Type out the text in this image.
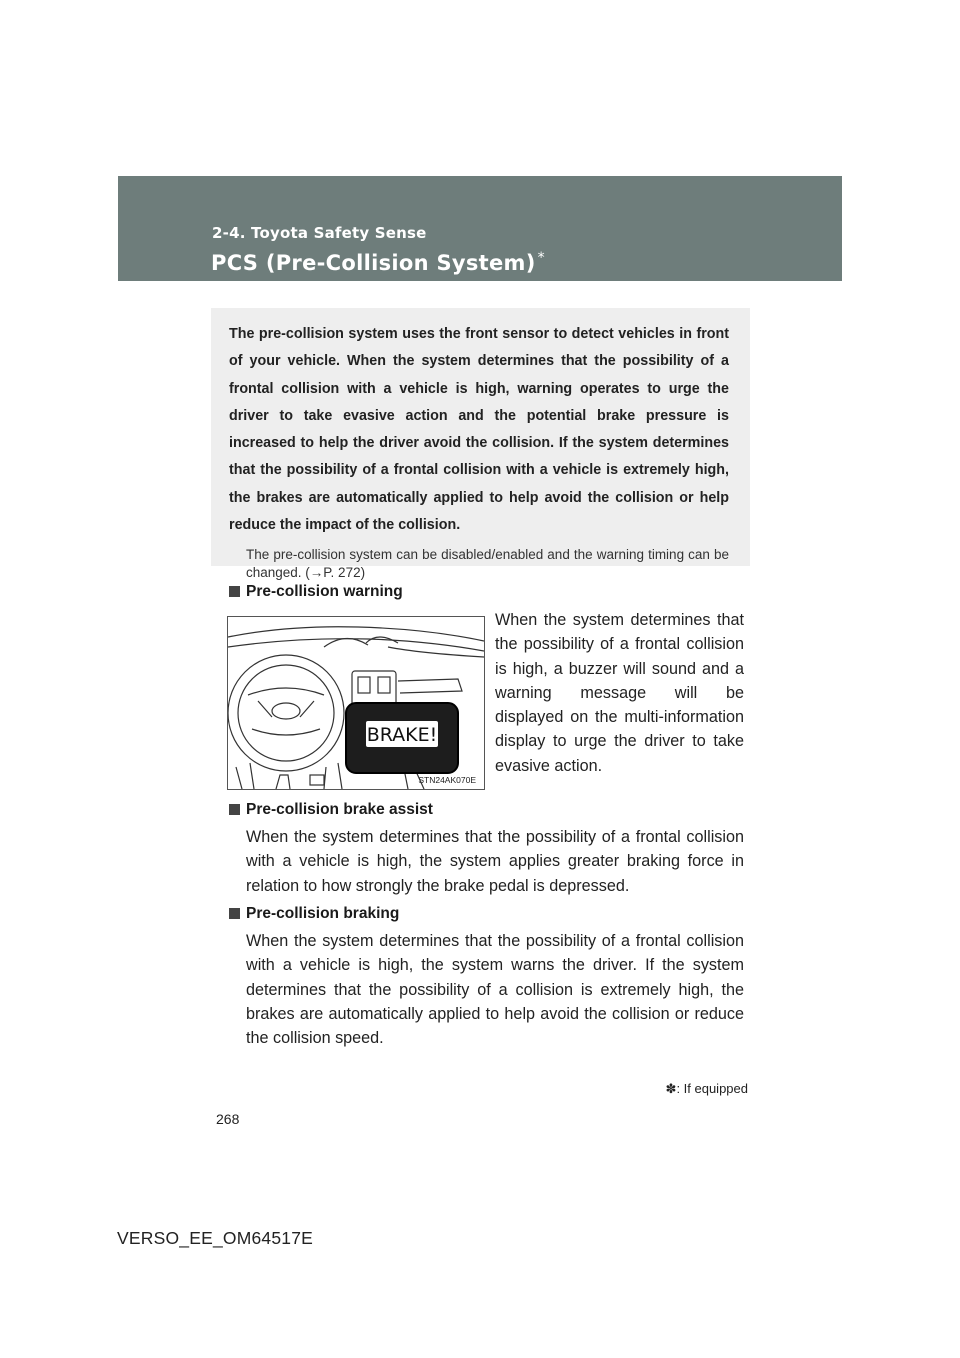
2-4. Toyota Safety Sense
PCS (Pre-Collision System) *

The pre-collision system uses the front sensor to detect vehicles in front of your vehicle. When the system determines that the possibility of a frontal collision with a vehicle is high, warning operates to urge the driver to take evasive action and the potential brake pressure is increased to help the driver avoid the collision. If the system determines that the possibility of a frontal collision with a vehicle is extremely high, the brakes are automatically applied to help avoid the collision or help reduce the impact of the collision.

The pre-collision system can be disabled/enabled and the warning timing can be changed. (→P. 272)

Pre-collision warning
BRAKE!
STN24AK070E
When the system determines that the possibility of a frontal collision is high, a buzzer will sound and a warning message will be displayed on the multi-information display to urge the driver to take evasive action.
Pre-collision brake assist
When the system determines that the possibility of a frontal collision with a vehicle is high, the system applies greater braking force in relation to how strongly the brake pedal is depressed.
Pre-collision braking
When the system determines that the possibility of a frontal collision with a vehicle is high, the system warns the driver. If the system determines that the possibility of a collision is extremely high, the brakes are automatically applied to help avoid the collision or reduce the collision speed.
✽: If equipped
268
VERSO_EE_OM64517E
